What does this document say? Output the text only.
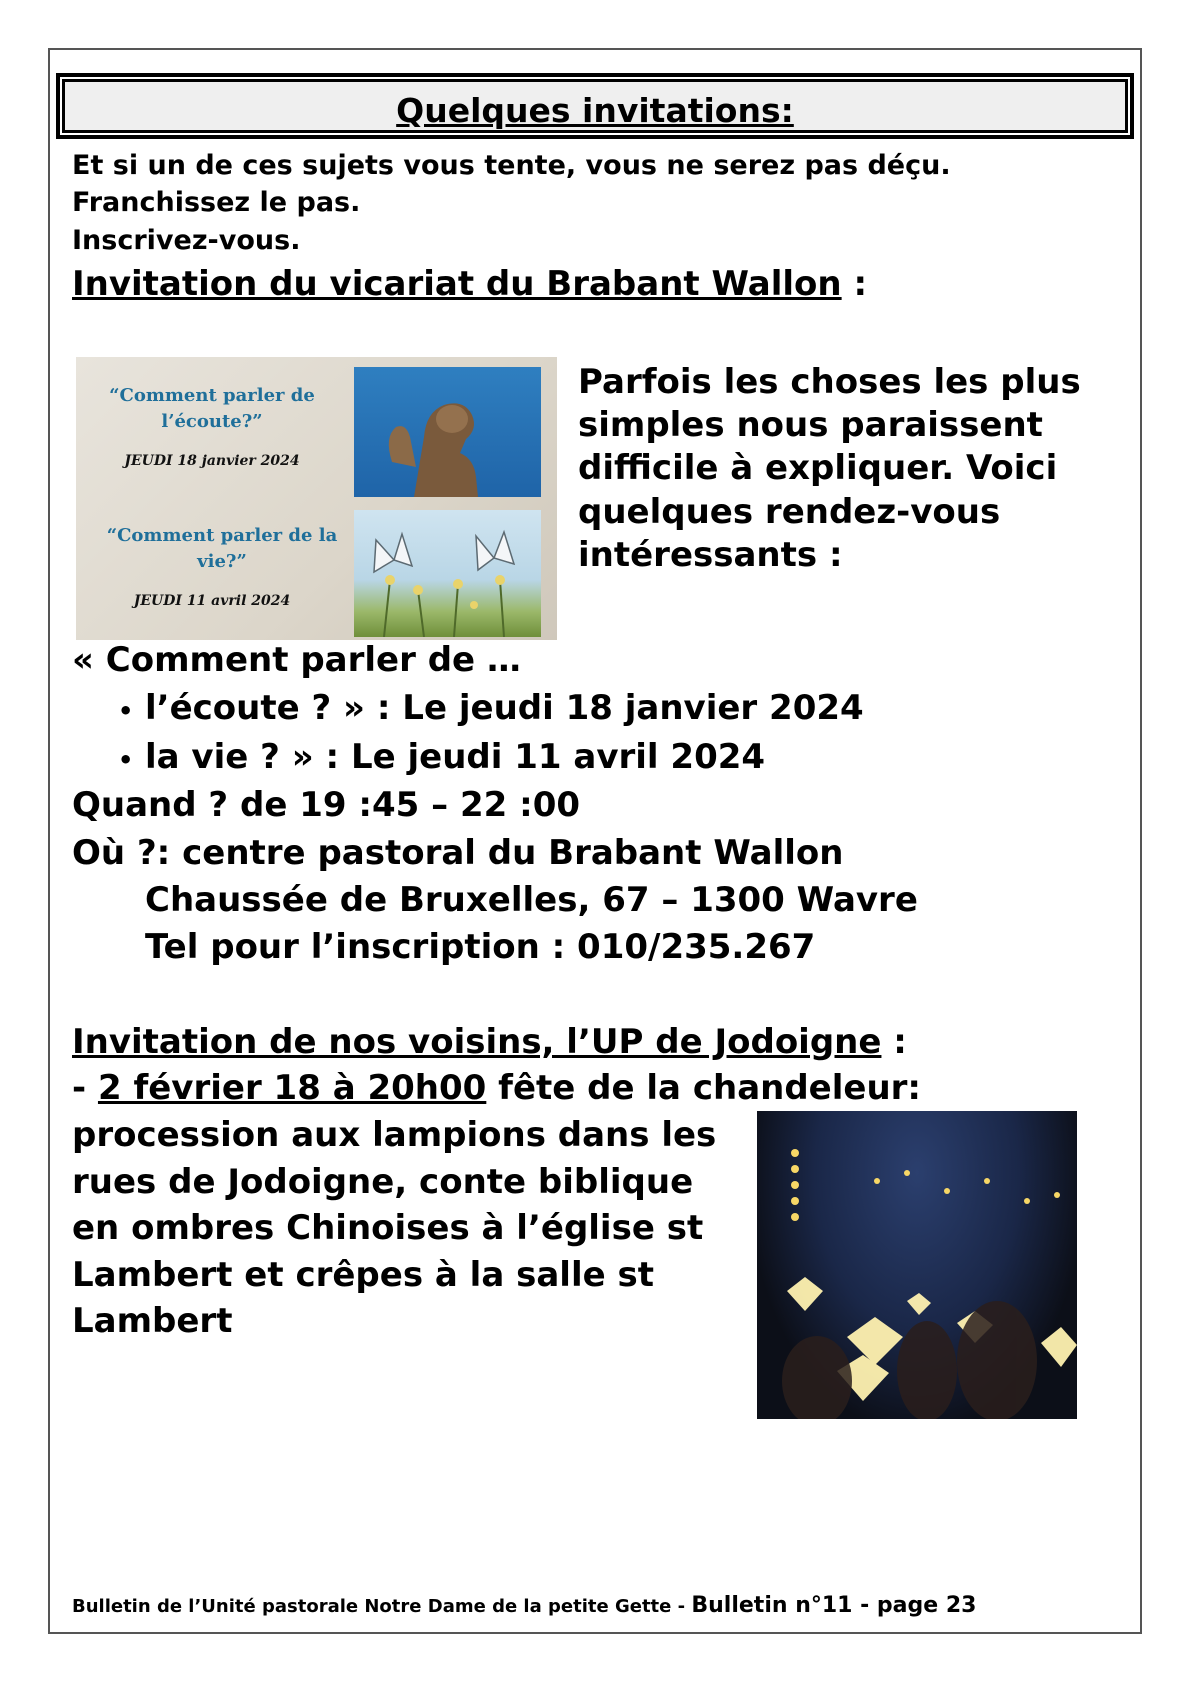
Quelques invitations:
Et si un de ces sujets vous tente, vous ne serez pas déçu.
Franchissez le pas.
Inscrivez-vous.
Invitation du vicariat du Brabant Wallon :
“Comment parler de l’écoute?”
JEUDI 18 janvier 2024
“Comment parler de la vie?”
JEUDI 11 avril 2024
Parfois les choses les plus
simples nous paraissent
difficile à expliquer. Voici
quelques rendez-vous
intéressants :
« Comment parler de …
• l’écoute ? » : Le jeudi 18 janvier 2024
• la vie ? » : Le jeudi 11 avril 2024
Quand ? de 19 :45 – 22 :00
Où ?: centre pastoral du Brabant Wallon
Chaussée de Bruxelles, 67 – 1300 Wavre
Tel pour l’inscription : 010/235.267
Invitation de nos voisins, l’UP de Jodoigne :
- 2 février 18 à 20h00 fête de la chandeleur:
procession aux lampions dans les
rues de Jodoigne, conte biblique
en ombres Chinoises à l’église st
Lambert et crêpes à la salle st
Lambert
Bulletin de l’Unité pastorale Notre Dame de la petite Gette - Bulletin n°11 - page 23
